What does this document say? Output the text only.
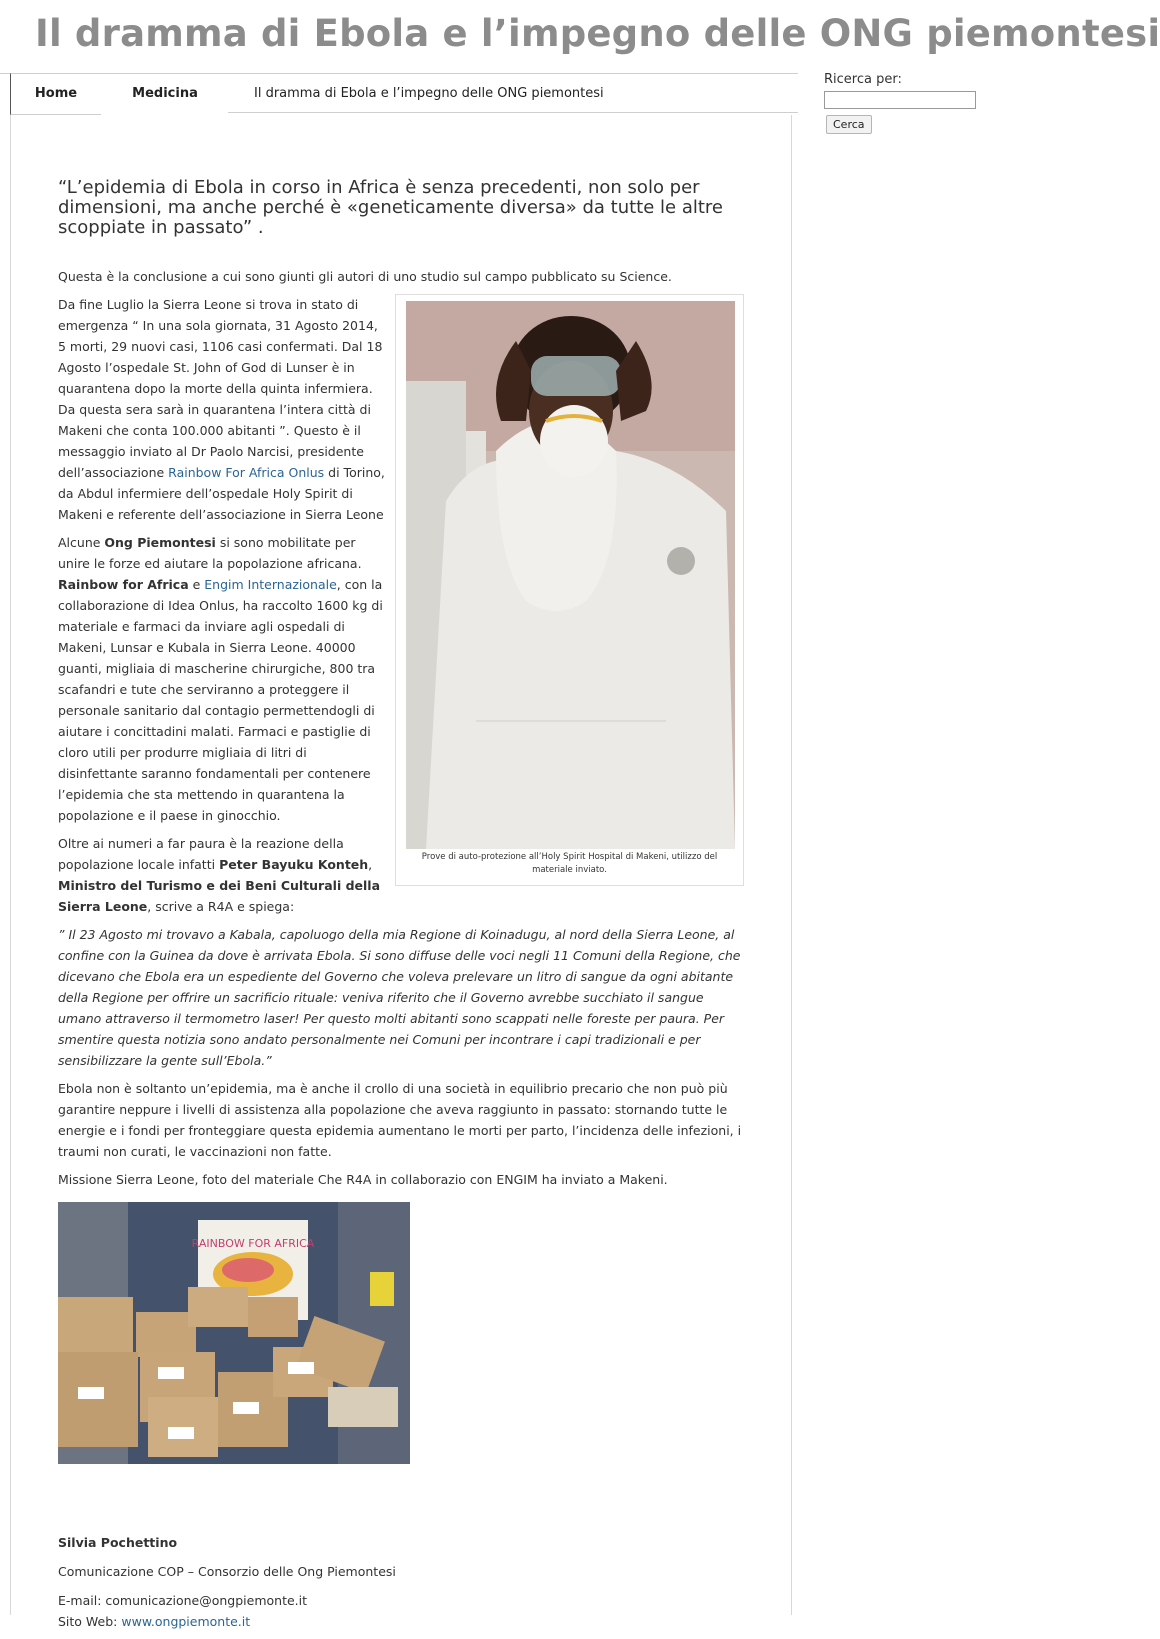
Il dramma di Ebola e l’impegno delle ONG piemontesi
Home	Medicina	Il dramma di Ebola e l’impegno delle ONG piemontesi
Ricerca per:
Cerca
“L’epidemia di Ebola in corso in Africa è senza precedenti, non solo per dimensioni, ma anche perché è «geneticamente diversa» da tutte le altre scoppiate in passato” .

Questa è la conclusione a cui sono giunti gli autori di uno studio sul campo pubblicato su Science.

Prove di auto-protezione all’Holy Spirit Hospital di Makeni, utilizzo del materiale inviato.

Da fine Luglio la Sierra Leone si trova in stato di emergenza “ In una sola giornata, 31 Agosto 2014, 5 morti, 29 nuovi casi, 1106 casi confermati. Dal 18 Agosto l’ospedale St. John of God di Lunser è in quarantena dopo la morte della quinta infermiera. Da questa sera sarà in quarantena l’intera città di Makeni che conta 100.000 abitanti ”. Questo è il messaggio inviato al Dr Paolo Narcisi, presidente dell’associazione Rainbow For Africa Onlus di Torino, da Abdul infermiere dell’ospedale Holy Spirit di Makeni e referente dell’associazione in Sierra Leone

Alcune Ong Piemontesi si sono mobilitate per unire le forze ed aiutare la popolazione africana. Rainbow for Africa e Engim Internazionale, con la collaborazione di Idea Onlus, ha raccolto 1600 kg di materiale e farmaci da inviare agli ospedali di Makeni, Lunsar e Kubala in Sierra Leone. 40000 guanti, migliaia di mascherine chirurgiche, 800 tra scafandri e tute che serviranno a proteggere il personale sanitario dal contagio permettendogli di aiutare i concittadini malati. Farmaci e pastiglie di cloro utili per produrre migliaia di litri di disinfettante saranno fondamentali per contenere l’epidemia che sta mettendo in quarantena la popolazione e il paese in ginocchio.

Oltre ai numeri a far paura è la reazione della popolazione locale infatti Peter Bayuku Konteh, Ministro del Turismo e dei Beni Culturali della Sierra Leone, scrive a R4A e spiega:

” Il 23 Agosto mi trovavo a Kabala, capoluogo della mia Regione di Koinadugu, al nord della Sierra Leone, al confine con la Guinea da dove è arrivata Ebola. Si sono diffuse delle voci negli 11 Comuni della Regione, che dicevano che Ebola era un espediente del Governo che voleva prelevare un litro di sangue da ogni abitante della Regione per offrire un sacrificio rituale: veniva riferito che il Governo avrebbe succhiato il sangue umano attraverso il termometro laser! Per questo molti abitanti sono scappati nelle foreste per paura. Per smentire questa notizia sono andato personalmente nei Comuni per incontrare i capi tradizionali e per sensibilizzare la gente sull’Ebola.”

Ebola non è soltanto un’epidemia, ma è anche il crollo di una società in equilibrio precario che non può più garantire neppure i livelli di assistenza alla popolazione che aveva raggiunto in passato: stornando tutte le energie e i fondi per fronteggiare questa epidemia aumentano le morti per parto, l’incidenza delle infezioni, i traumi non curati, le vaccinazioni non fatte.

Missione Sierra Leone, foto del materiale Che R4A in collaborazio con ENGIM ha inviato a Makeni.

RAINBOW FOR AFRICA

Silvia Pochettino

Comunicazione COP – Consorzio delle Ong Piemontesi

E-mail: comunicazione@ongpiemonte.it

Sito Web: www.ongpiemonte.it
